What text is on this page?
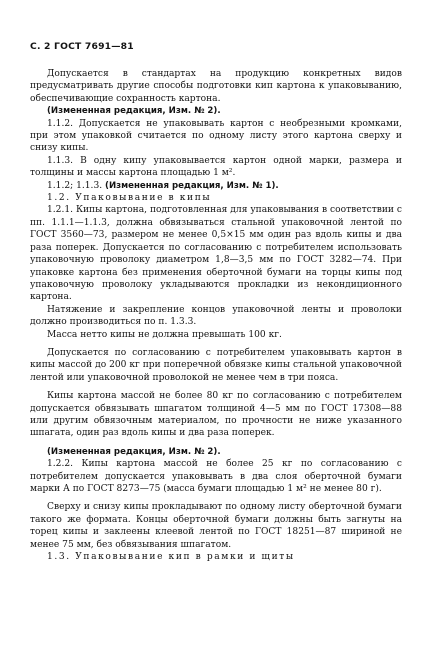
С. 2 ГОСТ 7691—81

Допускается в стандартах на продукцию конкретных видов предусматривать другие способы подготовки кип картона к упаковыванию, обеспечивающие сохранность картона.

(Измененная редакция, Изм. № 2).

1.1.2. Допускается не упаковывать картон с необрезными кромками, при этом упаковкой считается по одному листу этого картона сверху и снизу кипы.

1.1.3. В одну кипу упаковывается картон одной марки, размера и толщины и массы картона площадью 1 м².

1.1.2; 1.1.3. (Измененная редакция, Изм. № 1).

1.2. Упаковывание в кипы

1.2.1. Кипы картона, подготовленная для упаковывания в соответствии с пп. 1.1.1—1.1.3, должна обвязываться стальной упаковочной лентой по ГОСТ 3560—73, размером не менее 0,5×15 мм один раз вдоль кипы и два раза поперек. Допускается по согласованию с потребителем использовать упаковочную проволоку диаметром 1,8—3,5 мм по ГОСТ 3282—74. При упаковке картона без применения оберточной бумаги на торцы кипы под упаковочную проволоку укладываются прокладки из некондиционного картона.

Натяжение и закрепление концов упаковочной ленты и проволоки должно производиться по п. 1.3.3.

Масса нетто кипы не должна превышать 100 кг.

Допускается по согласованию с потребителем упаковывать картон в кипы массой до 200 кг при поперечной обвязке кипы стальной упаковочной лентой или упаковочной проволокой не менее чем в три пояса.

Кипы картона массой не более 80 кг по согласованию с потребителем допускается обвязывать шпагатом толщиной 4—5 мм по ГОСТ 17308—88 или другим обвязочным материалом, по прочности не ниже указанного шпагата, один раз вдоль кипы и два раза поперек.

(Измененная редакция, Изм. № 2).

1.2.2. Кипы картона массой не более 25 кг по согласованию с потребителем допускается упаковывать в два слоя оберточной бумаги марки А по ГОСТ 8273—75 (масса бумаги площадью 1 м² не менее 80 г).

Сверху и снизу кипы прокладывают по одному листу оберточной бумаги такого же формата. Концы оберточной бумаги должны быть загнуты на торец кипы и заклеены клеевой лентой по ГОСТ 18251—87 шириной не менее 75 мм, без обвязывания шпагатом.

1.3. Упаковывание кип в рамки и щиты
